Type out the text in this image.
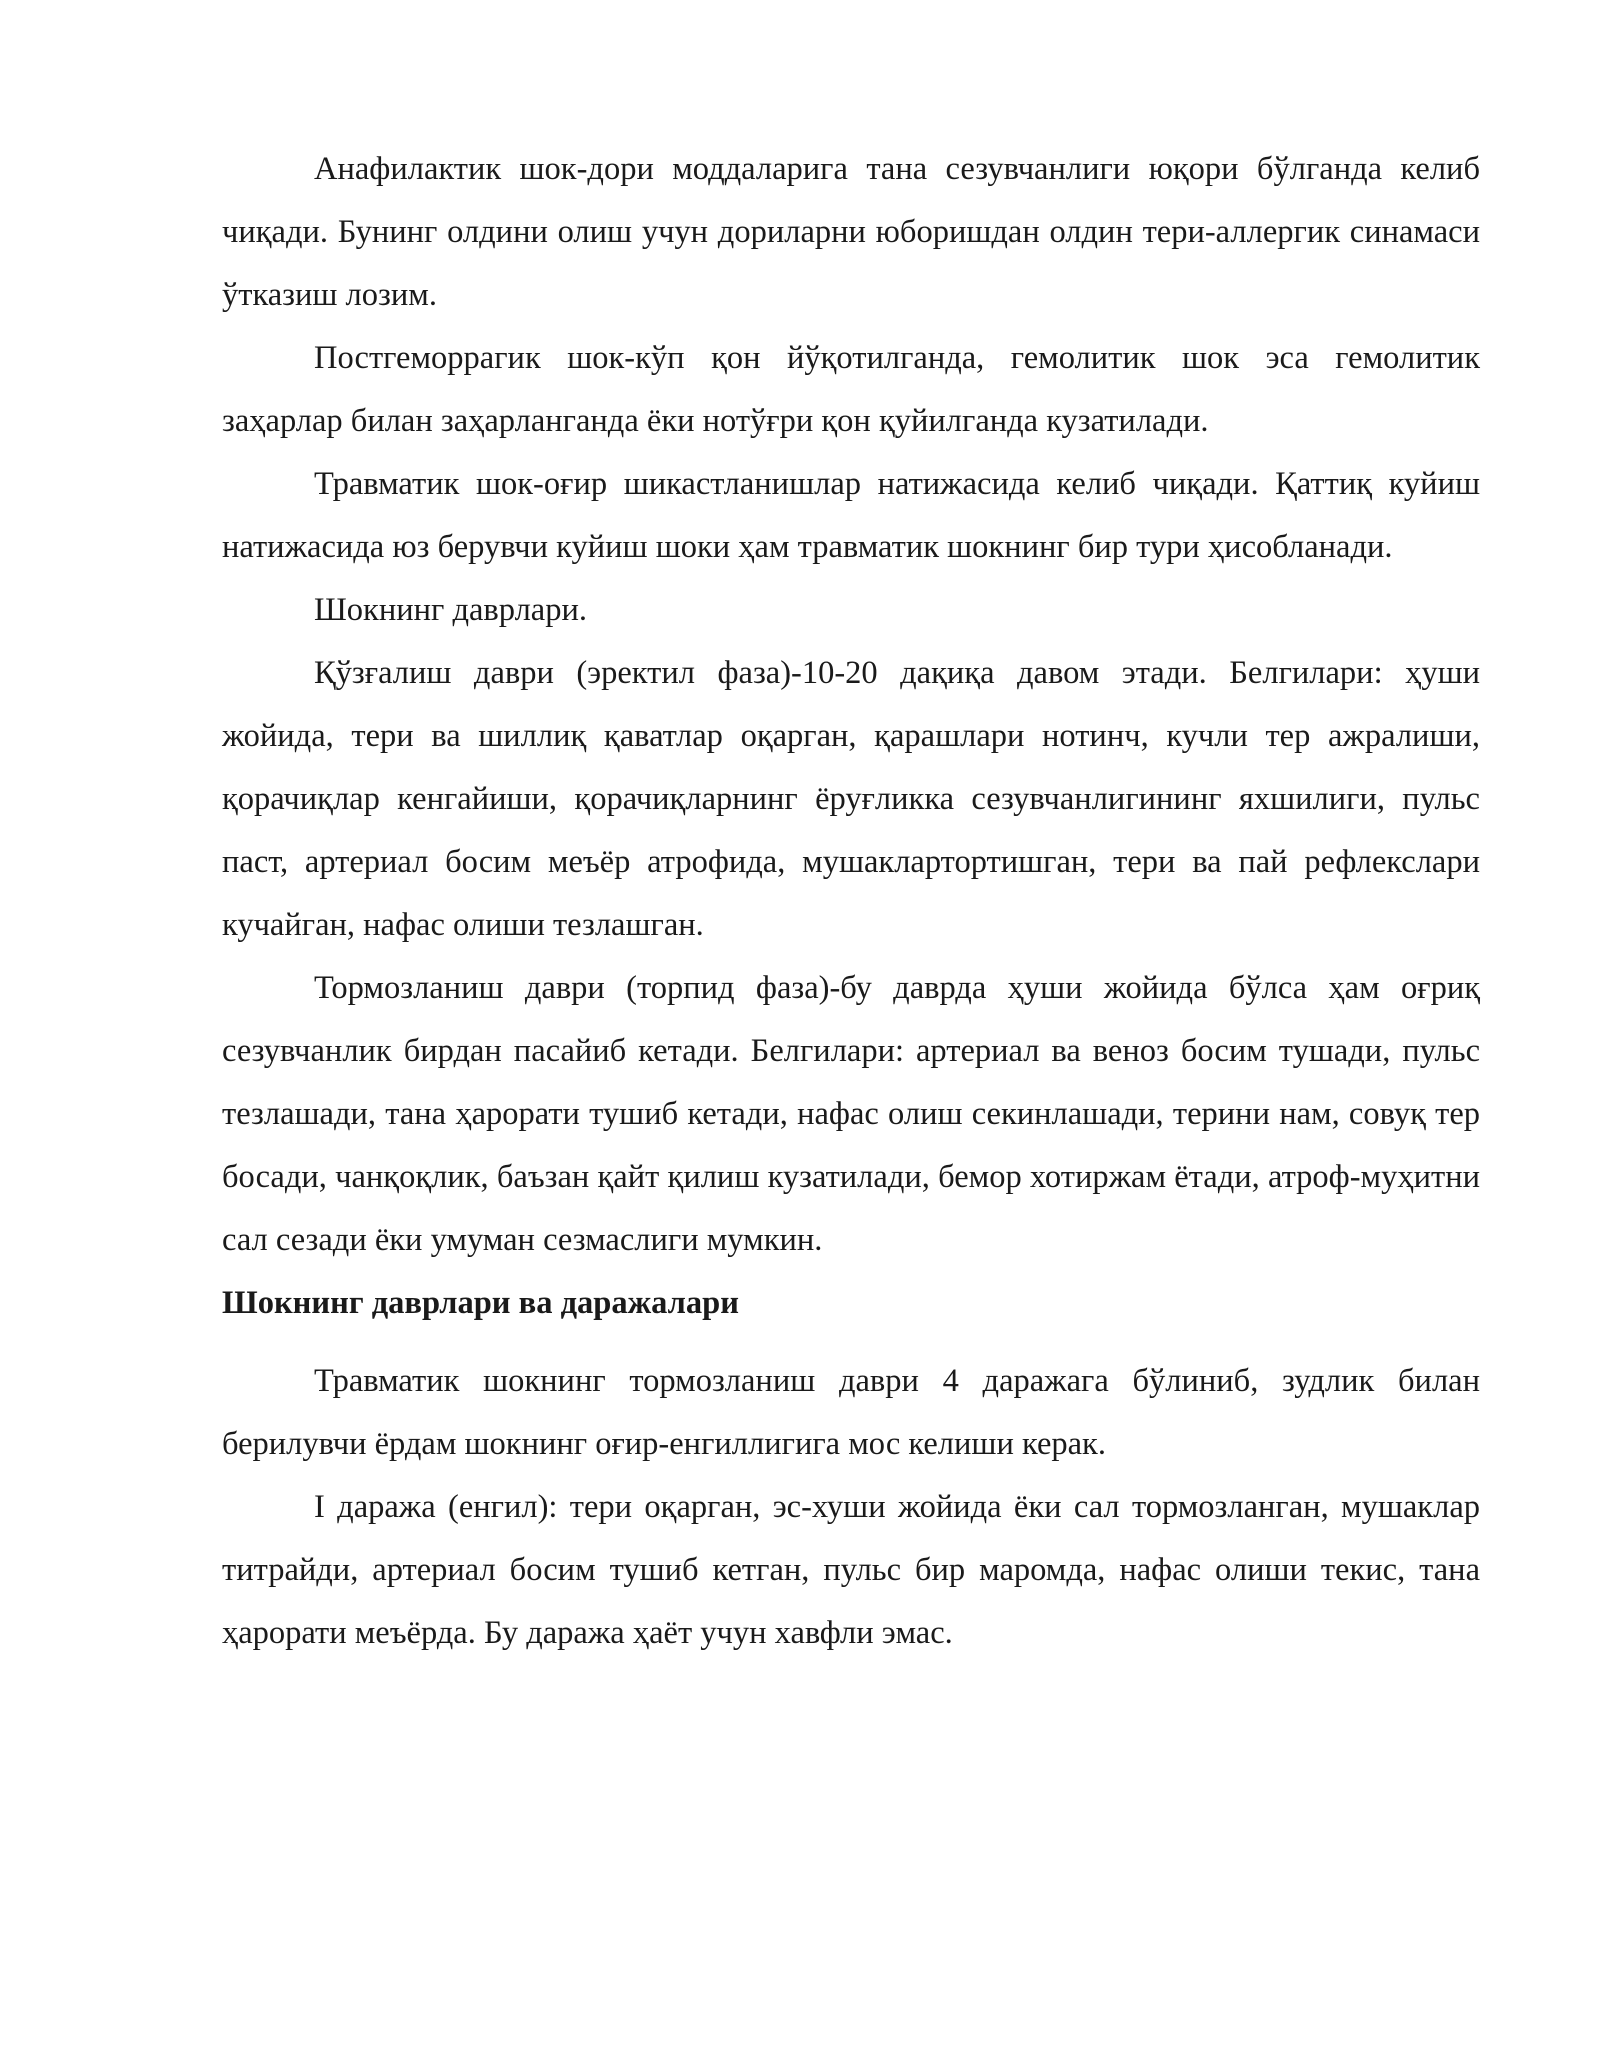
Анафилактик шок-дори моддаларига тана сезувчанлиги юқори бўлганда келиб чиқади. Бунинг олдини олиш учун дориларни юборишдан олдин тери-аллергик синамаси ўтказиш лозим.

Постгеморрагик шок-кўп қон йўқотилганда, гемолитик шок эса гемолитик заҳарлар билан заҳарланганда ёки нотўғри қон қуйилганда кузатилади.

Травматик шок-оғир шикастланишлар натижасида келиб чиқади. Қаттиқ куйиш натижасида юз берувчи куйиш шоки ҳам травматик шокнинг бир тури ҳисобланади.

Шокнинг даврлари.

Қўзғалиш даври (эректил фаза)-10-20 дақиқа давом этади. Белгилари: ҳуши жойида, тери ва шиллиқ қаватлар оқарган, қарашлари нотинч, кучли тер ажралиши, қорачиқлар кенгайиши, қорачиқларнинг ёруғликка сезувчанлигининг яхшилиги, пульс паст, артериал босим меъёр атрофида, мушаклартортишган, тери ва пай рефлекслари кучайган, нафас олиши тезлашган.

Тормозланиш даври (торпид фаза)-бу даврда ҳуши жойида бўлса ҳам оғриқ сезувчанлик бирдан пасайиб кетади. Белгилари: артериал ва веноз босим тушади, пульс тезлашади, тана ҳарорати тушиб кетади, нафас олиш секинлашади, терини нам, совуқ тер босади, чанқоқлик, баъзан қайт қилиш кузатилади, бемор хотиржам ётади, атроф-муҳитни сал сезади ёки умуман сезмаслиги мумкин.

Шокнинг даврлари ва даражалари

Травматик шокнинг тормозланиш даври 4 даражага бўлиниб, зудлик билан берилувчи ёрдам шокнинг оғир-енгиллигига мос келиши керак.

I даража (енгил): тери оқарган, эс-хуши жойида ёки сал тормозланган, мушаклар титрайди, артериал босим тушиб кетган, пульс бир маромда, нафас олиши текис, тана ҳарорати меъёрда. Бу даража ҳаёт учун хавфли эмас.
